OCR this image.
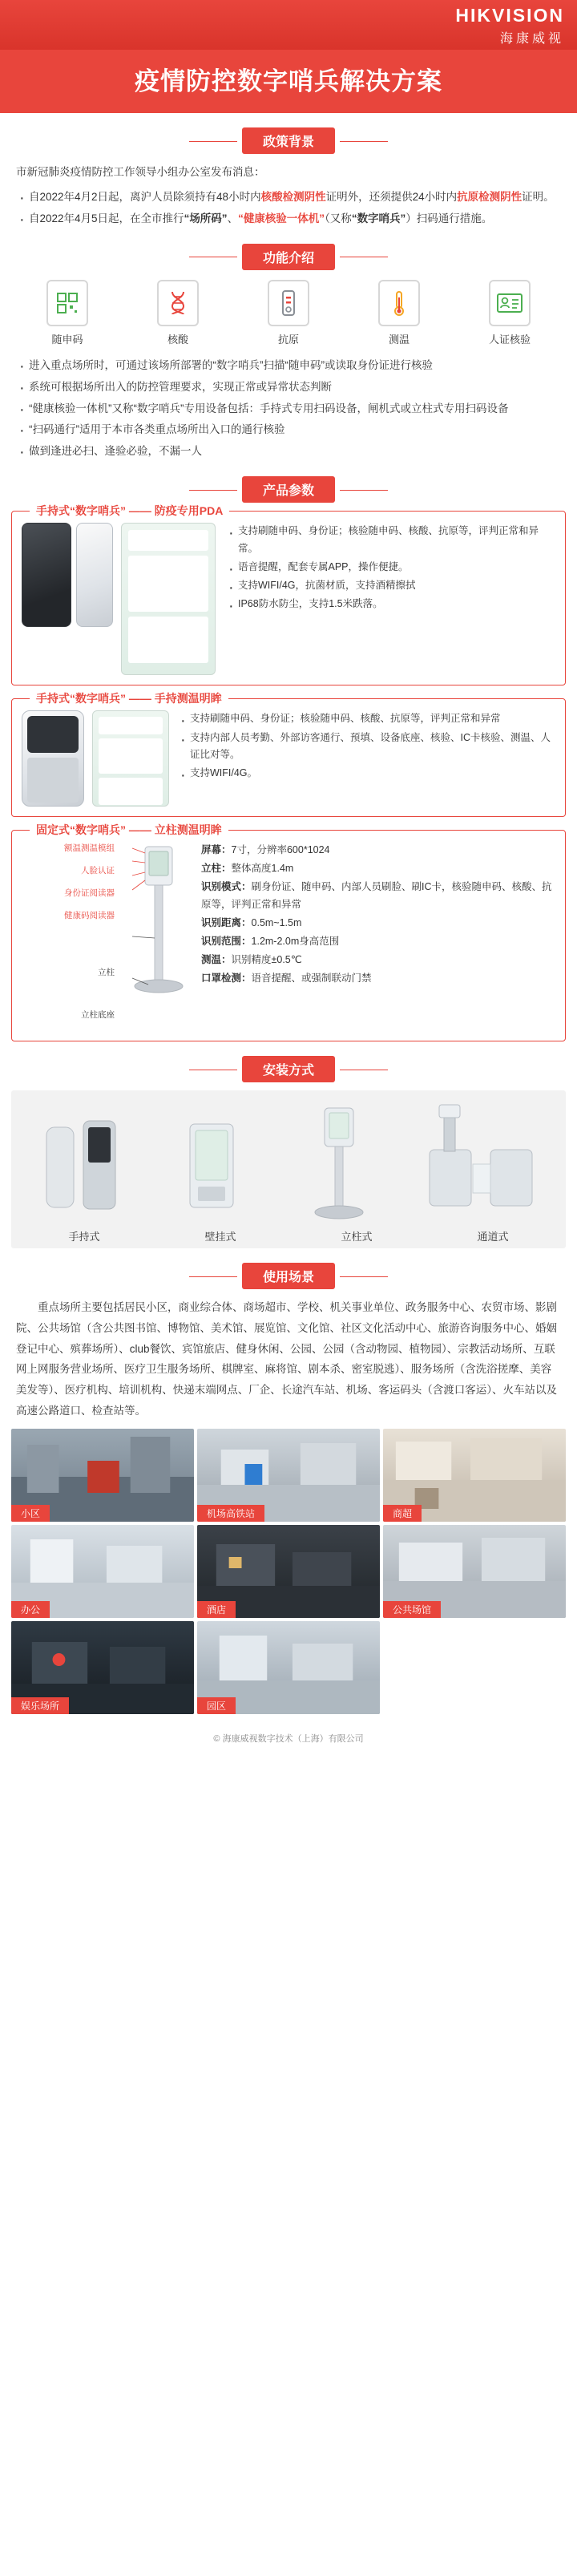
HIKVISION
海康威视
疫情防控数字哨兵解决方案
政策背景

市新冠肺炎疫情防控工作领导小组办公室发布消息：

· 自2022年4月2日起，离沪人员除须持有48小时内核酸检测阴性证明外，还须提供24小时内抗原检测阴性证明。
· 自2022年4月5日起，在全市推行“场所码”、“健康核验一体机”（又称“数字哨兵”）扫码通行措施。
功能介绍
随申码	核酸	抗原	测温	人证核验
· 进入重点场所时，可通过该场所部署的“数字哨兵”扫描“随申码”或读取身份证进行核验
· 系统可根据场所出入的防控管理要求，实现正常或异常状态判断
· “健康核验一体机”又称“数字哨兵”专用设备包括：手持式专用扫码设备，闸机式或立柱式专用扫码设备
· “扫码通行”适用于本市各类重点场所出入口的通行核验
· 做到逢进必扫、逢验必验，不漏一人
产品参数
手持式“数字哨兵” —— 防疫专用PDA
· 支持刷随申码、身份证；核验随申码、核酸、抗原等，评判正常和异常。
· 语音提醒，配套专属APP，操作便捷。
· 支持WIFI/4G，抗菌材质，支持酒精擦拭
· IP68防水防尘，支持1.5米跌落。
手持式“数字哨兵” —— 手持测温明眸
· 支持刷随申码、身份证；核验随申码、核酸、抗原等，评判正常和异常
· 支持内部人员考勤、外部访客通行、预填、设备底座、核验、IC卡核验、测温、人证比对等。
· 支持WIFI/4G。
固定式“数字哨兵” —— 立柱测温明眸
额温测温模组
人脸认证
身份证阅读器
健康码阅读器
立柱
立柱底座
屏幕：7寸，分辨率600*1024
立柱：整体高度1.4m
识别模式：刷身份证、随申码、内部人员刷脸、刷IC卡，核验随申码、核酸、抗原等，评判正常和异常
识别距离：0.5m~1.5m
识别范围：1.2m-2.0m身高范围
测温：识别精度±0.5℃
口罩检测：语音提醒、或强制联动门禁
安装方式
手持式	壁挂式	立柱式	通道式
使用场景

重点场所主要包括居民小区，商业综合体、商场超市、学校、机关事业单位、政务服务中心、农贸市场、影剧院、公共场馆（含公共图书馆、博物馆、美术馆、展览馆、文化馆、社区文化活动中心、旅游咨询服务中心、婚姻登记中心、殡葬场所）、club餐饮、宾馆旅店、健身休闲、公园、公园（含动物园、植物园）、宗教活动场所、互联网上网服务营业场所、医疗卫生服务场所、棋牌室、麻将馆、剧本杀、密室脱逃）、服务场所（含洗浴搓摩、美容美发等）、医疗机构、培训机构、快递末端网点、厂企、长途汽车站、机场、客运码头（含渡口客运）、火车站以及高速公路道口、检查站等。

小区	机场高铁站	商超
办公	酒店	公共场馆
娱乐场所	园区
© 海康威视数字技术（上海）有限公司
